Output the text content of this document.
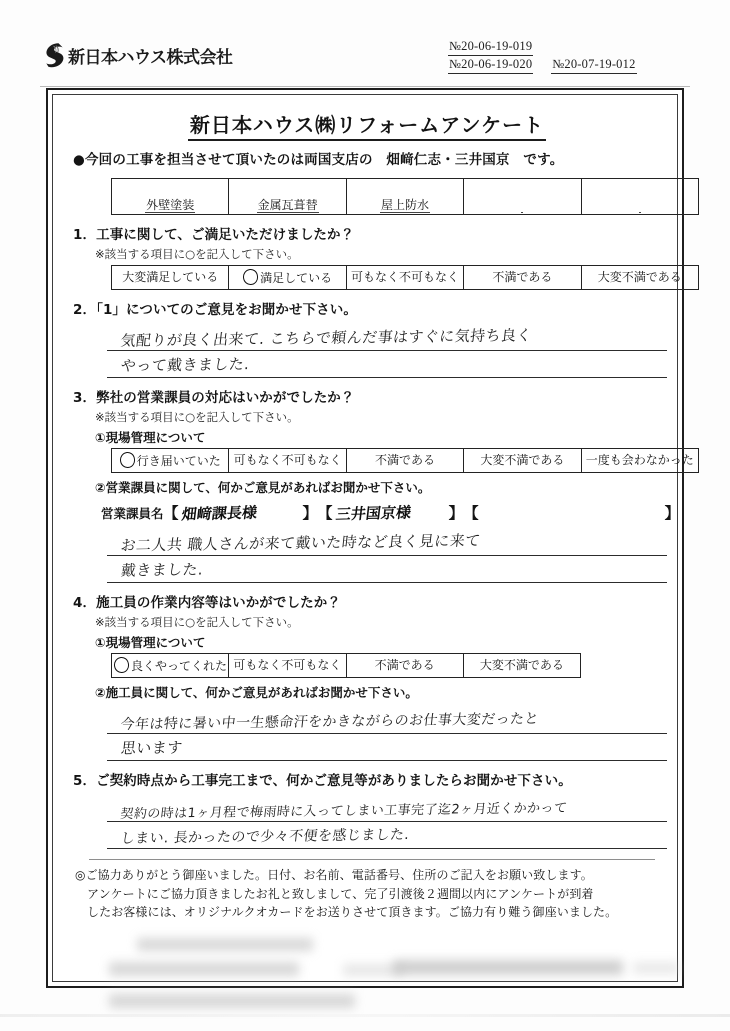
新日本ハウス株式会社
№20-06-19-019
№20-06-19-020 №20-07-19-012
新日本ハウス㈱リフォームアンケート
●今回の工事を担当させて頂いたのは両国支店の　畑﨑仁志・三井国京　です。
外壁塗装	金属瓦葺替	屋上防水		
1．工事に関して、ご満足いただけましたか？
※該当する項目に○を記入して下さい。
大変満足している	満足している	可もなく不可もなく	不満である	大変不満である
2．「1」についてのご意見をお聞かせ下さい。
気配りが良く出来て. こちらで頼んだ事はすぐに気持ち良く
やって戴きました.
3．弊社の営業課員の対応はいかがでしたか？
※該当する項目に○を記入して下さい。
①現場管理について
行き届いていた	可もなく不可もなく	不満である	大変不満である	一度も会わなかった
②営業課員に関して、何かご意見があればお聞かせ下さい。
営業課員名 【 畑﨑課長様	】 【 三井国京様 】 【	】
お二人共 職人さんが来て戴いた時など良く見に来て
戴きました.
4．施工員の作業内容等はいかがでしたか？
※該当する項目に○を記入して下さい。
①現場管理について
良くやってくれた	可もなく不可もなく	不満である	大変不満である
②施工員に関して、何かご意見があればお聞かせ下さい。
今年は特に暑い中一生懸命汗をかきながらのお仕事大変だったと
思います
5．ご契約時点から工事完工まで、何かご意見等がありましたらお聞かせ下さい。
契約の時は1ヶ月程で梅雨時に入ってしまい工事完了迄2ヶ月近くかかって
しまい. 長かったので少々不便を感じました.
◎ご協力ありがとう御座いました。日付、お名前、電話番号、住所のご記入をお願い致します。
アンケートにご協力頂きましたお礼と致しまして、完了引渡後２週間以内にアンケートが到着
したお客様には、オリジナルクオカードをお送りさせて頂きます。ご協力有り難う御座いました。
